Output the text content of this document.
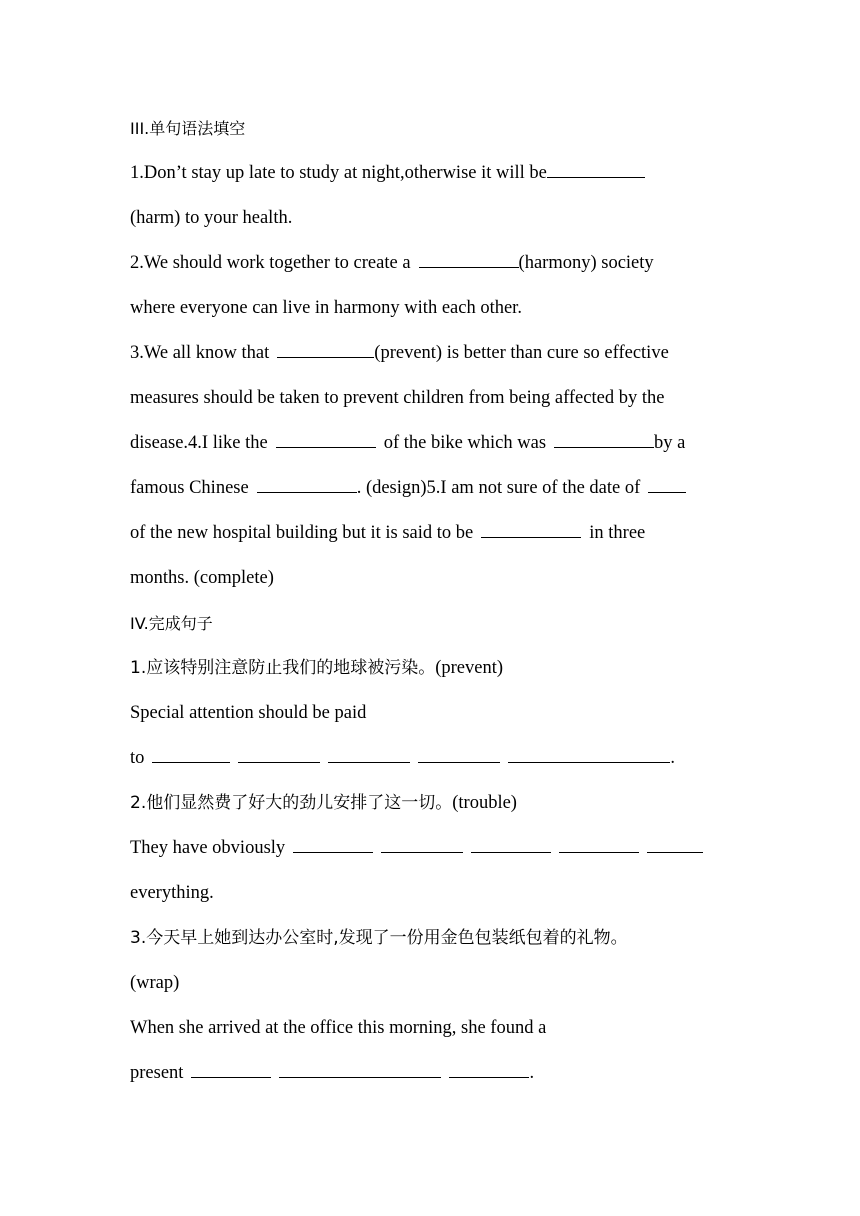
III.单句语法填空
1.Don’t stay up late to study at night,otherwise it will be
(harm) to your health.
2.We should work together to create a	(harmony) society
where everyone can live in harmony with each other.
3.We all know that	(prevent) is better than cure so effective
measures should be taken to prevent children from being affected by the
disease.4.I like the	of the bike which was	by a
famous Chinese	. (design)5.I am not sure of the date of
of the new hospital building but it is said to be	in three
months. (complete)
IV.完成句子
1.应该特别注意防止我们的地球被污染。(prevent)
Special attention should be paid
to	.
2.他们显然费了好大的劲儿安排了这一切。(trouble)
They have obviously
everything.
3.今天早上她到达办公室时,发现了一份用金色包装纸包着的礼物。
(wrap)
When she arrived at the office this morning, she found a
present	.
